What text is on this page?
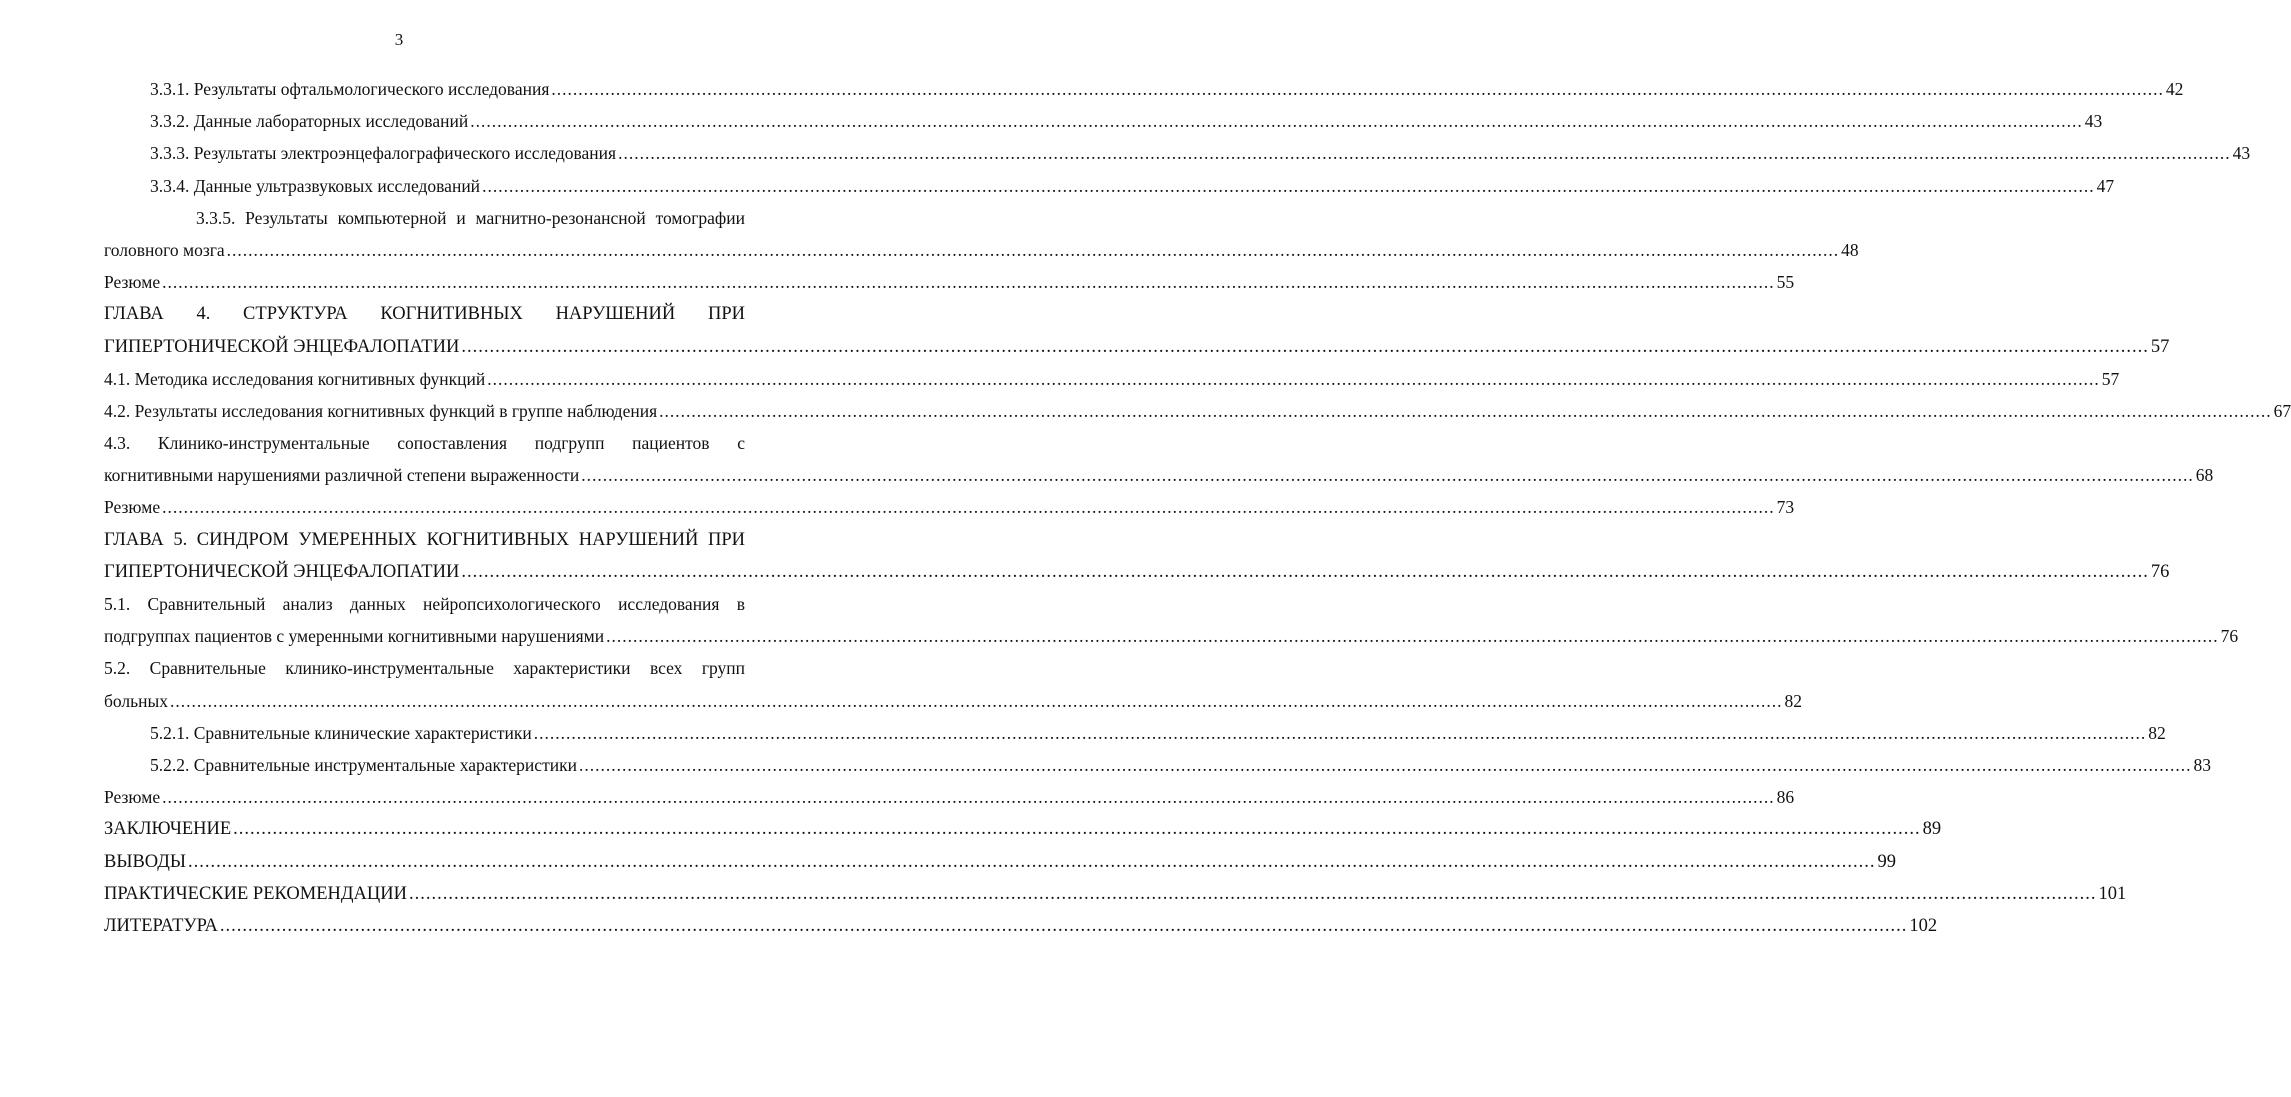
3
3.3.1. Результаты офтальмологического исследования ............................................................................................................................................................................................................................................................................................................ 42
3.3.2. Данные лабораторных исследований ............................................................................................................................................................................................................................................................................................................ 43
3.3.3. Результаты электроэнцефалографического исследования ............................................................................................................................................................................................................................................................................................................ 43
3.3.4. Данные ультразвуковых исследований ............................................................................................................................................................................................................................................................................................................ 47
3.3.5. Результаты компьютерной и магнитно-резонансной томографии
головного мозга ............................................................................................................................................................................................................................................................................................................ 48
Резюме ............................................................................................................................................................................................................................................................................................................ 55
ГЛАВА 4. СТРУКТУРА КОГНИТИВНЫХ НАРУШЕНИЙ ПРИ
ГИПЕРТОНИЧЕСКОЙ ЭНЦЕФАЛОПАТИИ ............................................................................................................................................................................................................................................................................................................ 57
4.1. Методика исследования когнитивных функций ............................................................................................................................................................................................................................................................................................................ 57
4.2. Результаты исследования когнитивных функций в группе наблюдения ............................................................................................................................................................................................................................................................................................................ 67
4.3. Клинико-инструментальные сопоставления подгрупп пациентов с
когнитивными нарушениями различной степени выраженности ............................................................................................................................................................................................................................................................................................................ 68
Резюме ............................................................................................................................................................................................................................................................................................................ 73
ГЛАВА 5. СИНДРОМ УМЕРЕННЫХ КОГНИТИВНЫХ НАРУШЕНИЙ ПРИ
ГИПЕРТОНИЧЕСКОЙ ЭНЦЕФАЛОПАТИИ ............................................................................................................................................................................................................................................................................................................ 76
5.1. Сравнительный анализ данных нейропсихологического исследования в
подгруппах пациентов с умеренными когнитивными нарушениями ............................................................................................................................................................................................................................................................................................................ 76
5.2. Сравнительные клинико-инструментальные характеристики всех групп
больных ............................................................................................................................................................................................................................................................................................................ 82
5.2.1. Сравнительные клинические характеристики ............................................................................................................................................................................................................................................................................................................ 82
5.2.2. Сравнительные инструментальные характеристики ............................................................................................................................................................................................................................................................................................................ 83
Резюме ............................................................................................................................................................................................................................................................................................................ 86
ЗАКЛЮЧЕНИЕ ............................................................................................................................................................................................................................................................................................................ 89
ВЫВОДЫ ............................................................................................................................................................................................................................................................................................................ 99
ПРАКТИЧЕСКИЕ РЕКОМЕНДАЦИИ ............................................................................................................................................................................................................................................................................................................ 101
ЛИТЕРАТУРА ............................................................................................................................................................................................................................................................................................................ 102
